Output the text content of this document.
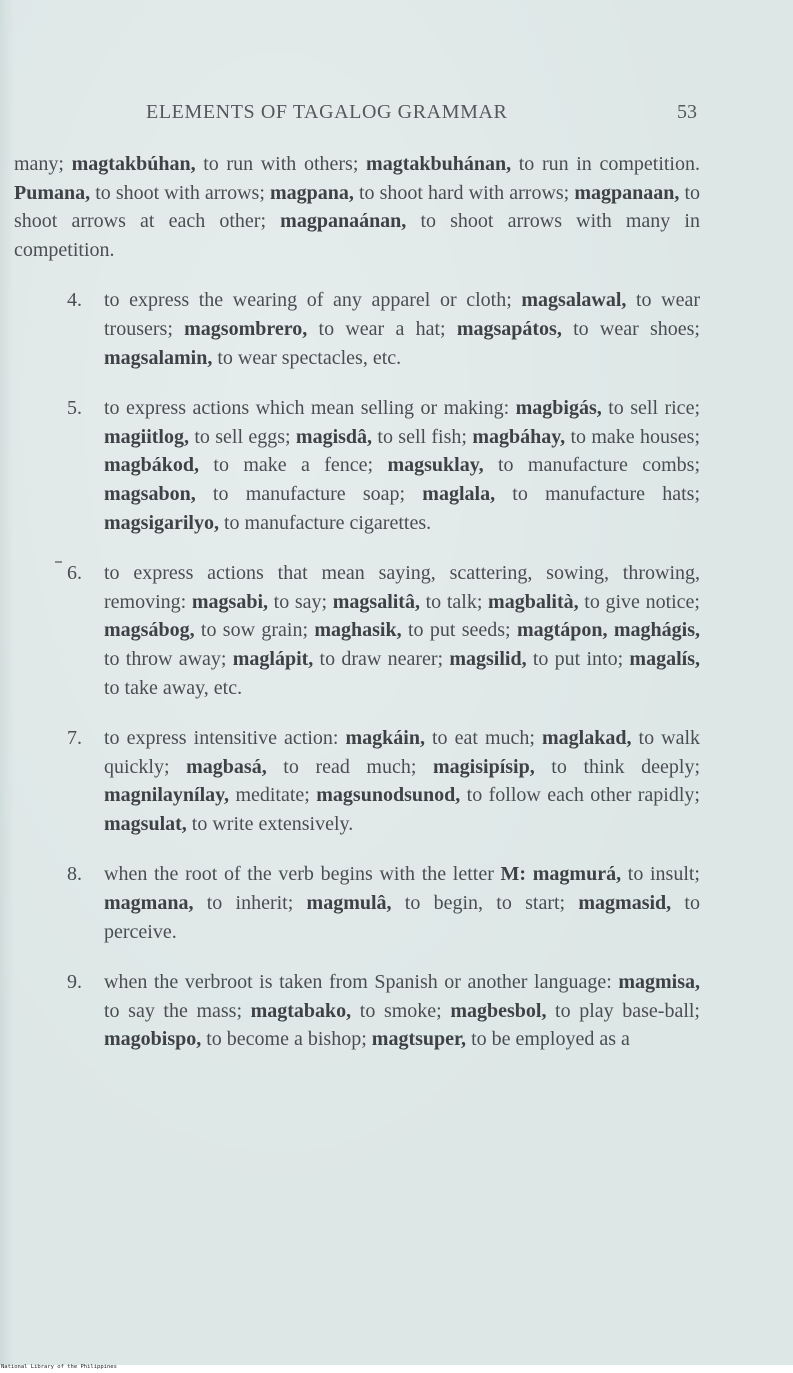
ELEMENTS OF TAGALOG GRAMMAR	53

many; magtakbúhan, to run with others; magtakbuhánan, to run in competition. Pumana, to shoot with arrows; magpana, to shoot hard with arrows; magpanaan, to shoot arrows at each other; magpanaánan, to shoot arrows with many in competition.

4. to express the wearing of any apparel or cloth; magsalawal, to wear trousers; magsombrero, to wear a hat; magsapátos, to wear shoes; magsalamin, to wear spectacles, etc.

5. to express actions which mean selling or making: magbigás, to sell rice; magiitlog, to sell eggs; magisdâ, to sell fish; magbáhay, to make houses; magbákod, to make a fence; magsuklay, to manufacture combs; magsabon, to manufacture soap; maglala, to manufacture hats; magsigarilyo, to manufacture cigarettes.

6. to express actions that mean saying, scattering, sowing, throwing, removing: magsabi, to say; magsalitâ, to talk; magbalità, to give notice; magsábog, to sow grain; maghasik, to put seeds; magtápon, maghágis, to throw away; maglápit, to draw nearer; magsilid, to put into; magalís, to take away, etc.

7. to express intensitive action: magkáin, to eat much; maglakad, to walk quickly; magbasá, to read much; magisipísip, to think deeply; magnilaynílay, meditate; magsunodsunod, to follow each other rapidly; magsulat, to write extensively.

8. when the root of the verb begins with the letter M: magmurá, to insult; magmana, to inherit; magmulâ, to begin, to start; magmasid, to perceive.

9. when the verbroot is taken from Spanish or another language: magmisa, to say the mass; magtabako, to smoke; magbesbol, to play base-ball; magobispo, to become a bishop; magtsuper, to be employed as a

National Library of the Philippines
